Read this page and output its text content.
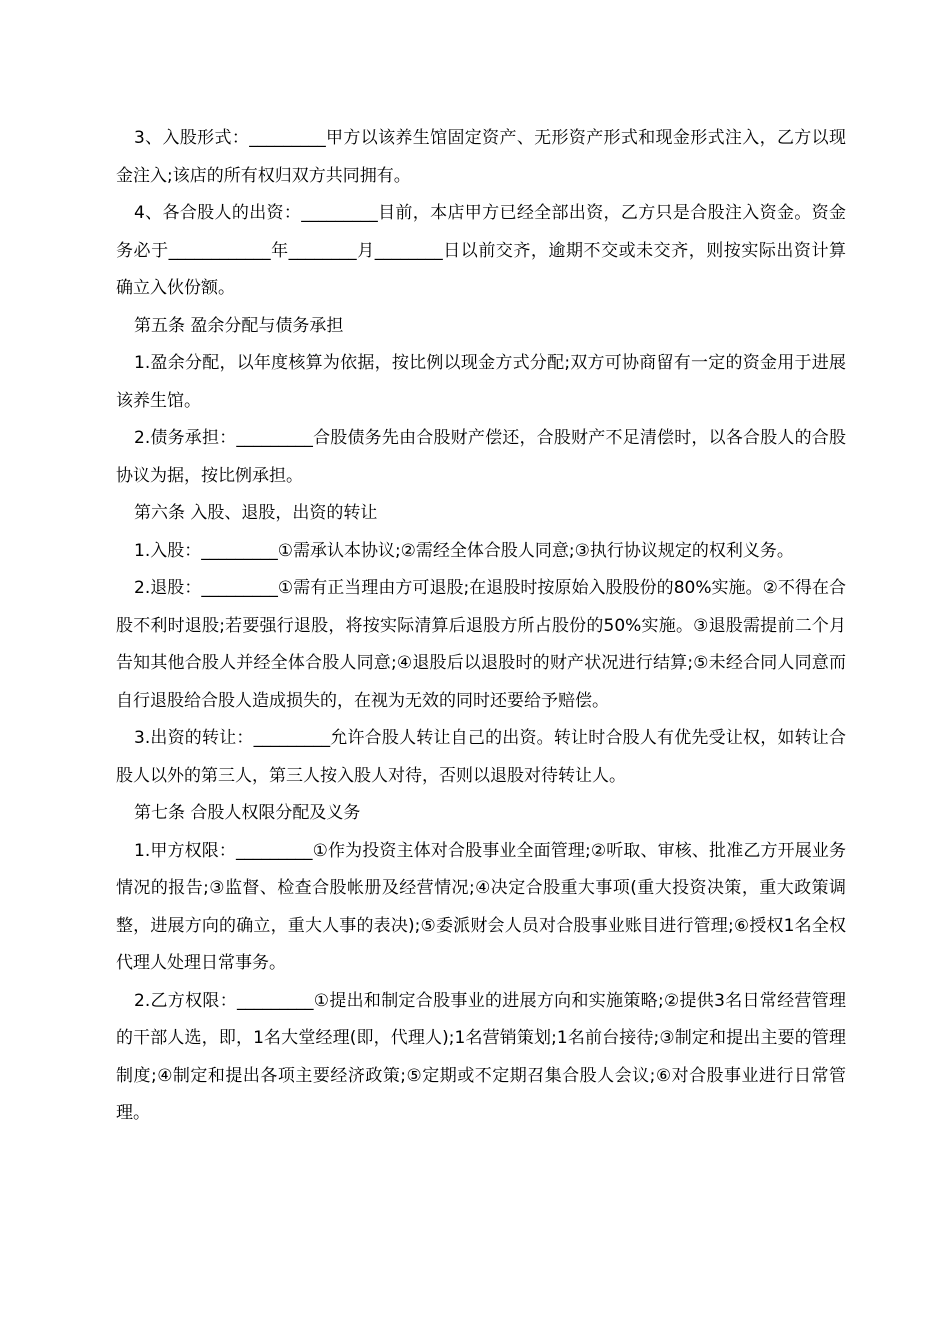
3、入股形式：_________甲方以该养生馆固定资产、无形资产形式和现金形式注入，乙方以现金注入;该店的所有权归双方共同拥有。

4、各合股人的出资：_________目前，本店甲方已经全部出资，乙方只是合股注入资金。资金务必于____________年________月________日以前交齐，逾期不交或未交齐，则按实际出资计算确立入伙份额。

第五条 盈余分配与债务承担

1.盈余分配，以年度核算为依据，按比例以现金方式分配;双方可协商留有一定的资金用于进展该养生馆。

2.债务承担：_________合股债务先由合股财产偿还，合股财产不足清偿时，以各合股人的合股协议为据，按比例承担。

第六条 入股、退股，出资的转让

1.入股：_________①需承认本协议;②需经全体合股人同意;③执行协议规定的权利义务。

2.退股：_________①需有正当理由方可退股;在退股时按原始入股股份的80%实施。②不得在合股不利时退股;若要强行退股，将按实际清算后退股方所占股份的50%实施。③退股需提前二个月告知其他合股人并经全体合股人同意;④退股后以退股时的财产状况进行结算;⑤未经合同人同意而自行退股给合股人造成损失的，在视为无效的同时还要给予赔偿。

3.出资的转让：_________允许合股人转让自己的出资。转让时合股人有优先受让权，如转让合股人以外的第三人，第三人按入股人对待，否则以退股对待转让人。

第七条 合股人权限分配及义务

1.甲方权限：_________①作为投资主体对合股事业全面管理;②听取、审核、批准乙方开展业务情况的报告;③监督、检查合股帐册及经营情况;④决定合股重大事项(重大投资决策，重大政策调整，进展方向的确立，重大人事的表决);⑤委派财会人员对合股事业账目进行管理;⑥授权1名全权代理人处理日常事务。

2.乙方权限：_________①提出和制定合股事业的进展方向和实施策略;②提供3名日常经营管理的干部人选，即，1名大堂经理(即，代理人);1名营销策划;1名前台接待;③制定和提出主要的管理制度;④制定和提出各项主要经济政策;⑤定期或不定期召集合股人会议;⑥对合股事业进行日常管理。
